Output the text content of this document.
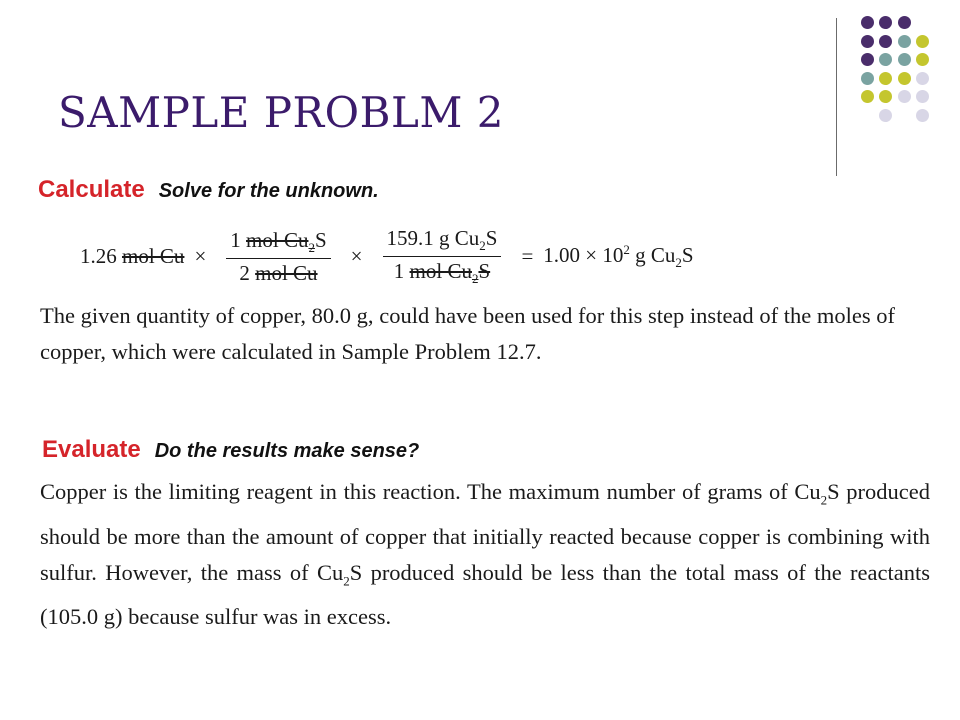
SAMPLE PROBLM 2
Calculate Solve for the unknown.
1.26
mol $Cu \times \frac{1 mol Cu_2S}{\text{2 mol Cu}} \times \frac{159.1 g Cu_2S}{1 mol Cu_2S} = 1.00 \times 10^2$ g $Cu_2S$
The given quantity of copper, 80.0 g, could have been used for this step instead of the moles of copper, which were calculated in Sample Problem 12.7.
Evaluate Do the results make sense?
Copper is the limiting reagent in this reaction. The maximum number of grams of $Cu_2S$ produced should be more than the amount of copper that initially reacted because copper is combining with sulfur. However, the mass of $Cu_2S$ produced should be less than the total mass of the reactants (105.0 g) because sulfur was in excess.
